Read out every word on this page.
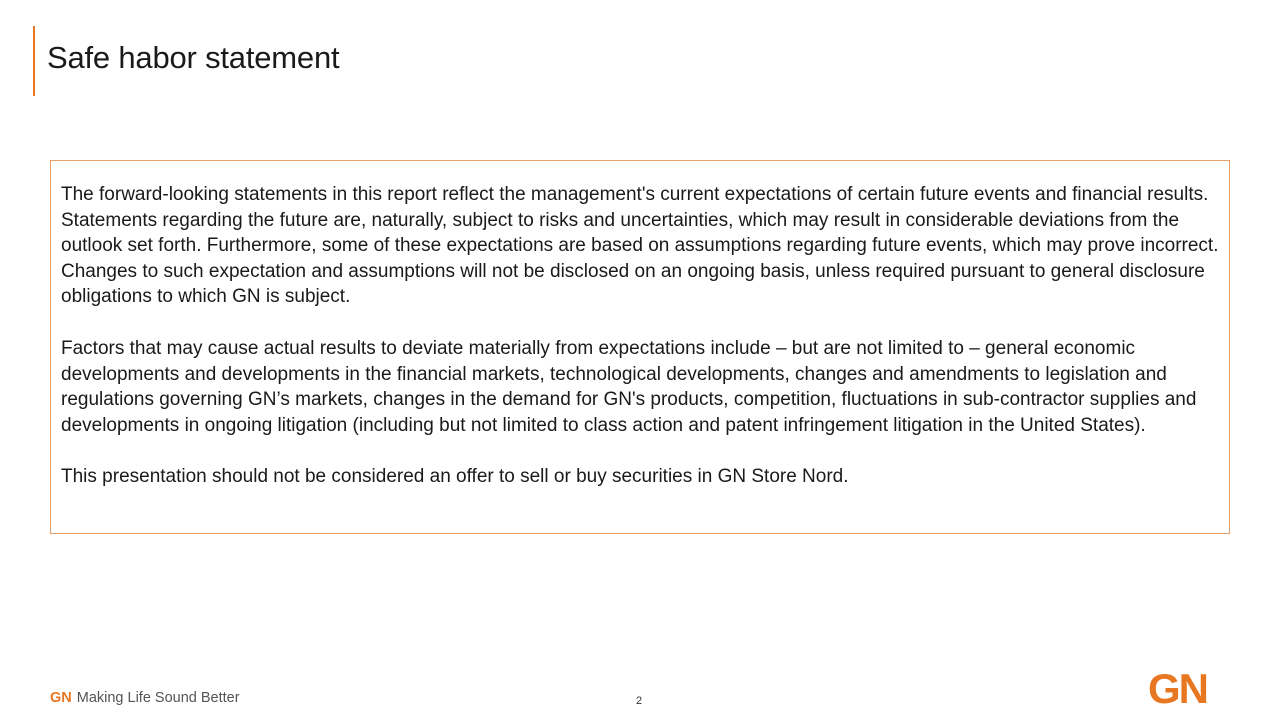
Safe habor statement

The forward-looking statements in this report reflect the management's current expectations of certain future events and financial results. Statements regarding the future are, naturally, subject to risks and uncertainties, which may result in considerable deviations from the outlook set forth. Furthermore, some of these expectations are based on assumptions regarding future events, which may prove incorrect. Changes to such expectation and assumptions will not be disclosed on an ongoing basis, unless required pursuant to general disclosure obligations to which GN is subject.

Factors that may cause actual results to deviate materially from expectations include – but are not limited to – general economic developments and developments in the financial markets, technological developments, changes and amendments to legislation and regulations governing GN’s markets, changes in the demand for GN's products, competition, fluctuations in sub-contractor supplies and developments in ongoing litigation (including but not limited to class action and patent infringement litigation in the United States).

This presentation should not be considered an offer to sell or buy securities in GN Store Nord.

GN Making Life Sound Better	2	GN
